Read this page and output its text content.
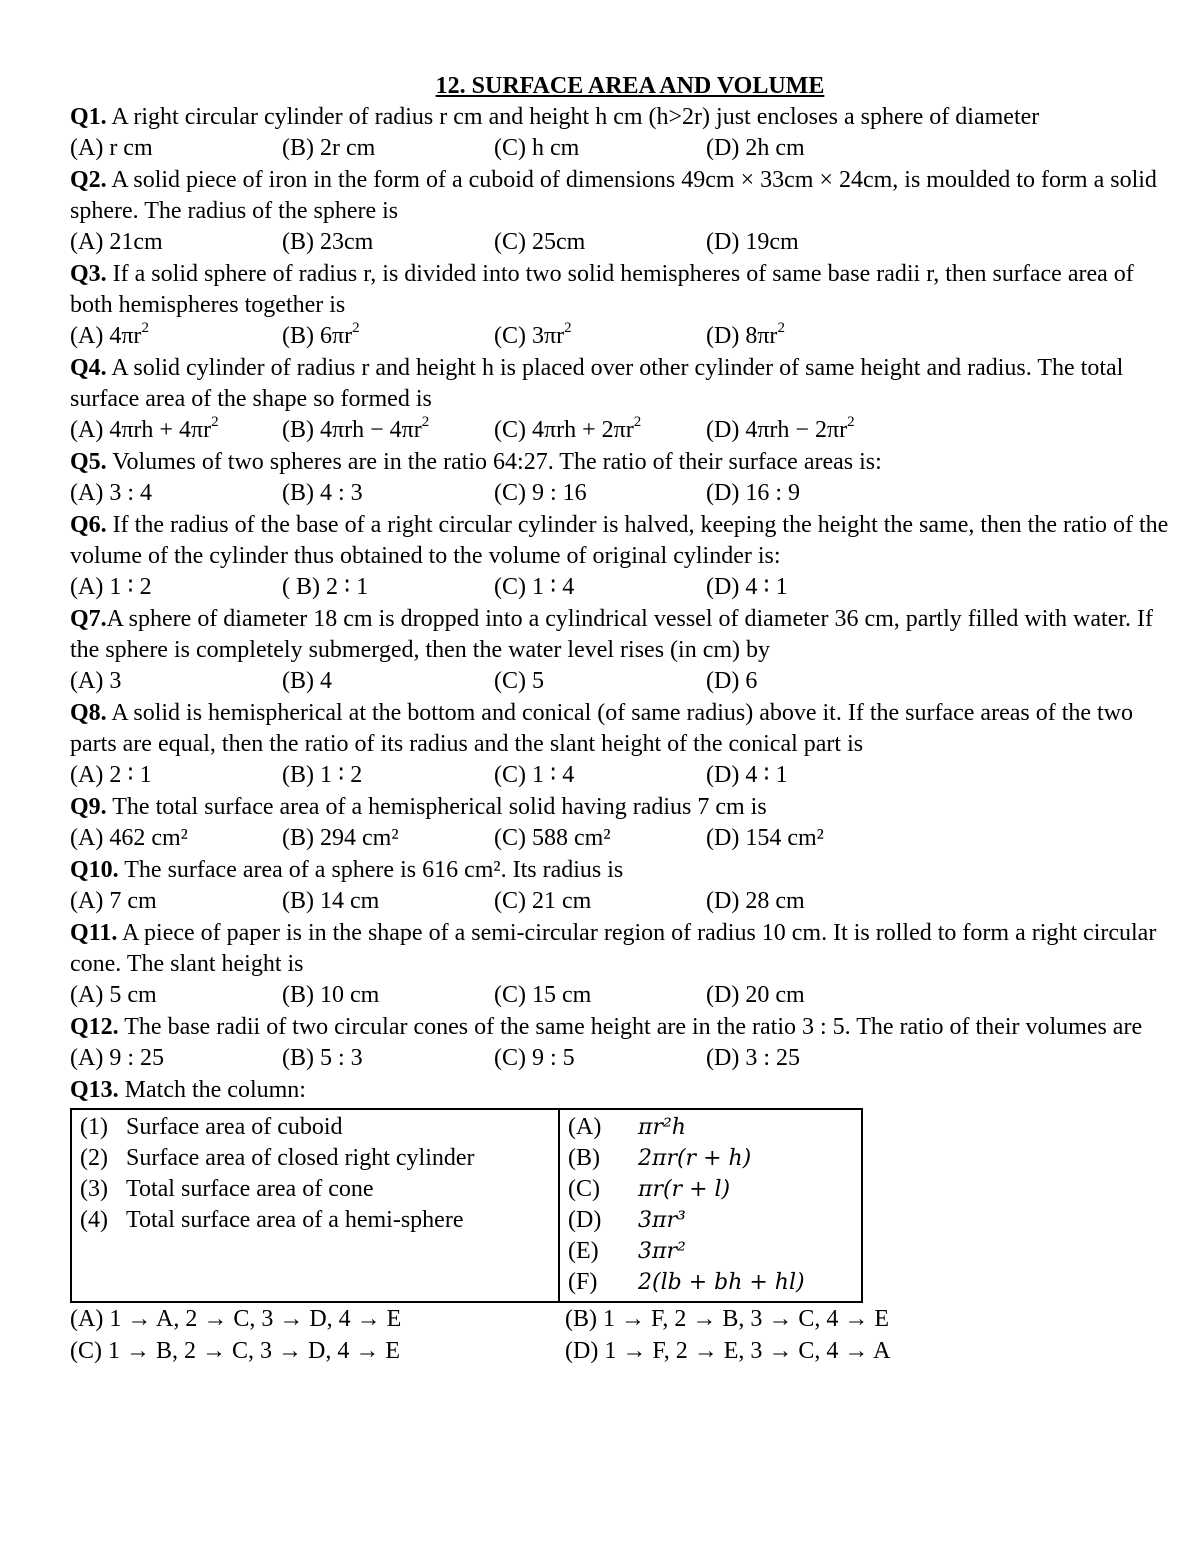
12. SURFACE AREA AND VOLUME

Q1. A right circular cylinder of radius r cm and height h cm (h>2r) just encloses a sphere of diameter

(A) r cm	(B) 2r cm	(C) h cm	(D) 2h cm

Q2. A solid piece of iron in the form of a cuboid of dimensions 49cm × 33cm × 24cm, is moulded to form a solid sphere. The radius of the sphere is

(A) 21cm	(B) 23cm	(C) 25cm	(D) 19cm

Q3. If a solid sphere of radius r, is divided into two solid hemispheres of same base radii r, then surface area of both hemispheres together is

(A) $4\pi r^2$	(B) $6\pi r^2$	(C) $3\pi r^2$	(D) $8\pi r^2$

Q4. A solid cylinder of radius r and height h is placed over other cylinder of same height and radius. The total surface area of the shape so formed is

(A) $4\pi rh + 4\pi r^2$	(B) $4\pi rh - 4\pi r^2$	(C) $4\pi rh + 2\pi r^2$	(D) $4\pi rh - 2\pi r^2$

Q5. Volumes of two spheres are in the ratio 64:27. The ratio of their surface areas is:

(A) 3 : 4	(B) 4 : 3	(C) 9 : 16	(D) 16 : 9

Q6. If the radius of the base of a right circular cylinder is halved, keeping the height the same, then the ratio of the volume of the cylinder thus obtained to the volume of original cylinder is:

(A) 1 ∶ 2	( B) 2 ∶ 1	(C) 1 ∶ 4	(D) 4 ∶ 1

Q7.A sphere of diameter 18 cm is dropped into a cylindrical vessel of diameter 36 cm, partly filled with water. If the sphere is completely submerged, then the water level rises (in cm) by

(A) 3	(B) 4	(C) 5	(D) 6

Q8. A solid is hemispherical at the bottom and conical (of same radius) above it. If the surface areas of the two parts are equal, then the ratio of its radius and the slant height of the conical part is

(A) 2 ∶ 1	(B) 1 ∶ 2	(C) 1 ∶ 4	(D) 4 ∶ 1

Q9. The total surface area of a hemispherical solid having radius 7 cm is

(A) 462 cm²	(B) 294 cm²	(C) 588 cm²	(D) 154 cm²

Q10. The surface area of a sphere is 616 cm². Its radius is

(A) 7 cm	(B) 14 cm	(C) 21 cm	(D) 28 cm

Q11. A piece of paper is in the shape of a semi-circular region of radius 10 cm. It is rolled to form a right circular cone. The slant height is

(A) 5 cm	(B) 10 cm	(C) 15 cm	(D) 20 cm

Q12. The base radii of two circular cones of the same height are in the ratio 3 : 5. The ratio of their volumes are

(A) 9 : 25	(B) 5 : 3	(C) 9 : 5	(D) 3 : 25

Q13. Match the column:

(1) Surface area of cuboid
(2) Surface area of closed right cylinder
(3) Total surface area of cone
(4) Total surface area of a hemi-sphere

(A) πr²h
(B) 2πr(r + h)
(C) πr(r + l)
(D) 3πr³
(E) 3πr²
(F) 2(lb + bh + hl)
(A) 1 → A, 2 → C, 3 → D, 4 → E	(B) 1 → F, 2 → B, 3 → C, 4 → E
(C) 1 → B, 2 → C, 3 → D, 4 → E	(D) 1 → F, 2 → E, 3 → C, 4 → A
